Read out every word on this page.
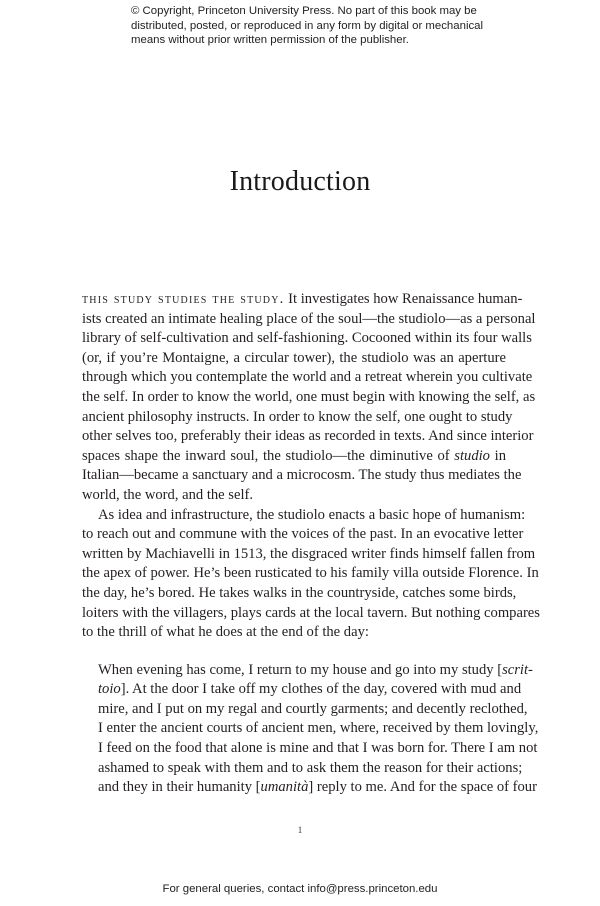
© Copyright, Princeton University Press. No part of this book may be
distributed, posted, or reproduced in any form by digital or mechanical
means without prior written permission of the publisher.
Introduction
this study studies the study. It investigates how Renaissance human-
ists created an intimate healing place of the soul—the studiolo—as a personal
library of self-cultivation and self-fashioning. Cocooned within its four walls
(or, if you’re Montaigne, a circular tower), the studiolo was an aperture
through which you contemplate the world and a retreat wherein you cultivate
the self. In order to know the world, one must begin with knowing the self, as
ancient philosophy instructs. In order to know the self, one ought to study
other selves too, preferably their ideas as recorded in texts. And since interior
spaces shape the inward soul, the studiolo—the diminutive of studio in
Italian—became a sanctuary and a microcosm. The study thus mediates the
world, the word, and the self.
As idea and infrastructure, the studiolo enacts a basic hope of humanism:
to reach out and commune with the voices of the past. In an evocative letter
written by Machiavelli in 1513, the disgraced writer finds himself fallen from
the apex of power. He’s been rusticated to his family villa outside Florence. In
the day, he’s bored. He takes walks in the countryside, catches some birds,
loiters with the villagers, plays cards at the local tavern. But nothing compares
to the thrill of what he does at the end of the day:
When evening has come, I return to my house and go into my study [scrit-
toio]. At the door I take off my clothes of the day, covered with mud and
mire, and I put on my regal and courtly garments; and decently reclothed,
I enter the ancient courts of ancient men, where, received by them lovingly,
I feed on the food that alone is mine and that I was born for. There I am not
ashamed to speak with them and to ask them the reason for their actions;
and they in their humanity [umanità] reply to me. And for the space of four
1
For general queries, contact info@press.princeton.edu
